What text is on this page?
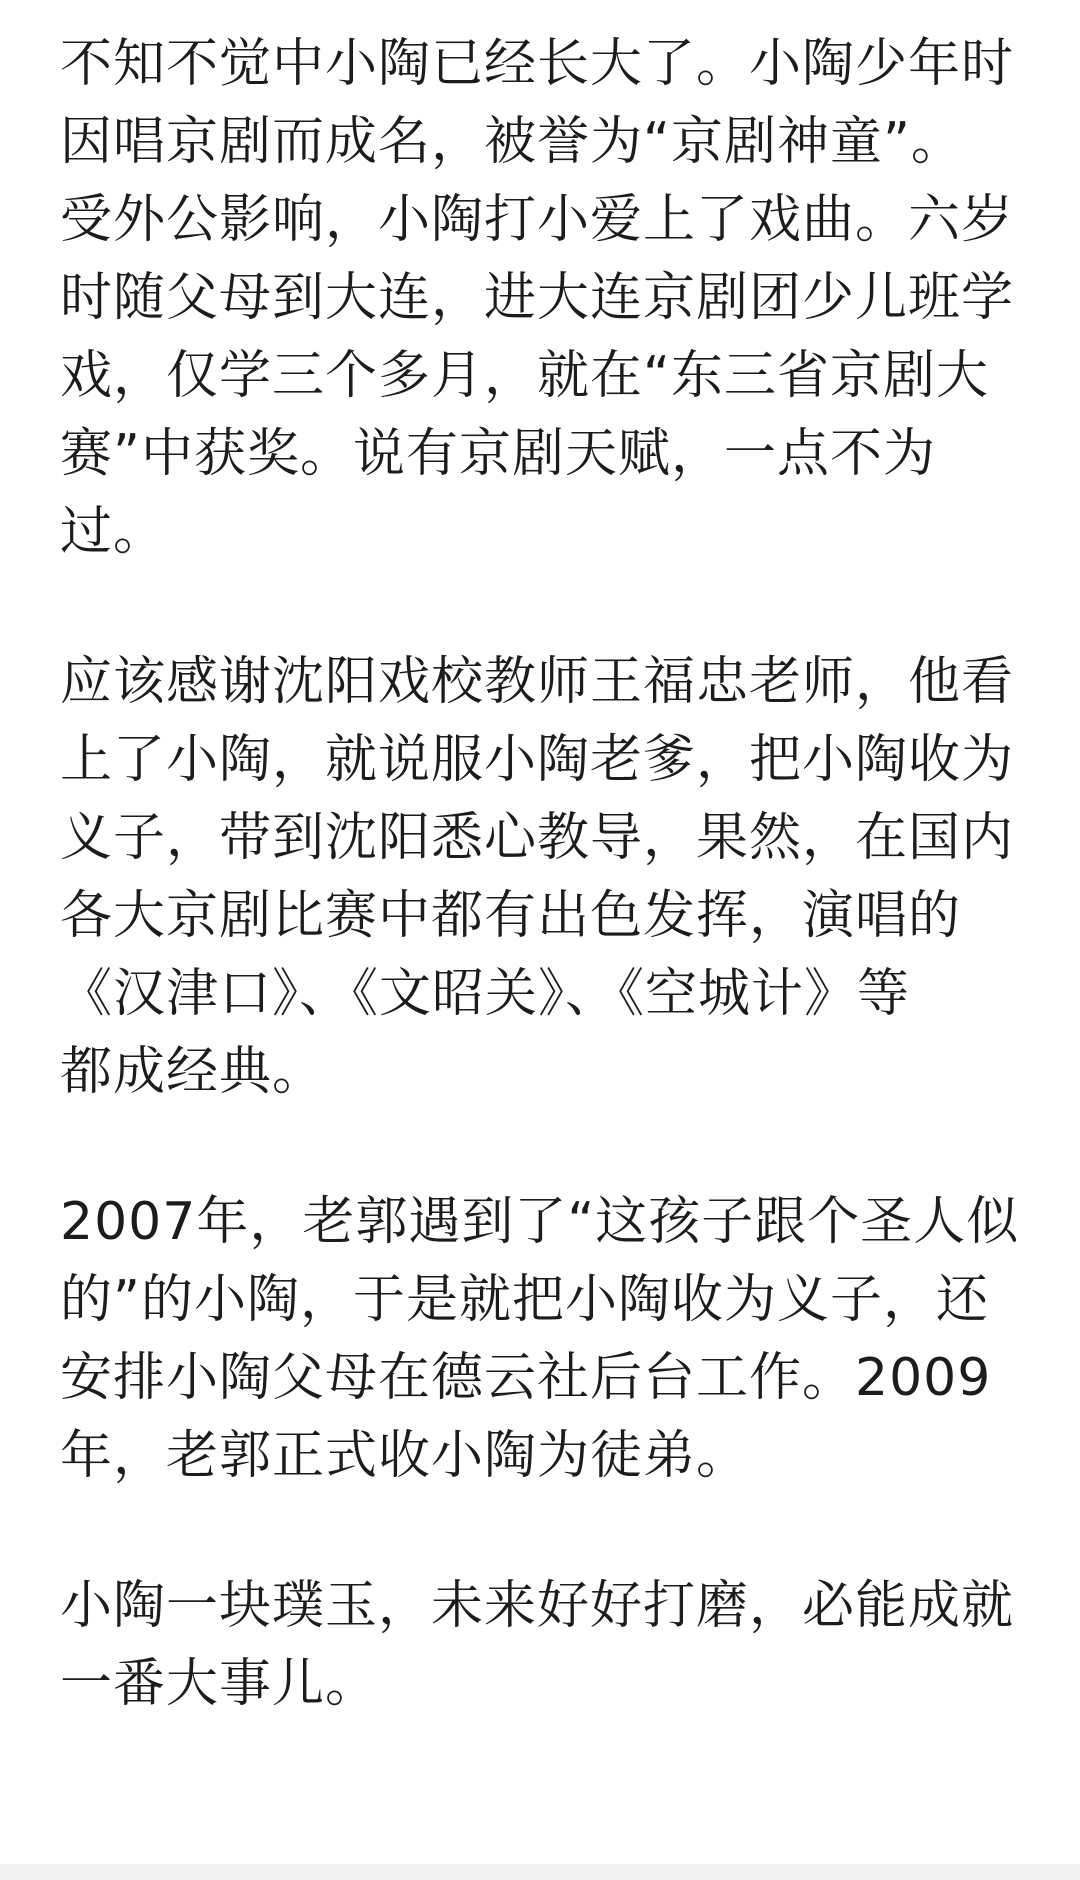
不知不觉中小陶已经长大了。小陶少年时
因唱京剧而成名，被誉为“京剧神童”。
受外公影响，小陶打小爱上了戏曲。六岁
时随父母到大连，进大连京剧团少儿班学
戏，仅学三个多月，就在“东三省京剧大
赛”中获奖。说有京剧天赋，一点不为
过。
应该感谢沈阳戏校教师王福忠老师，他看
上了小陶，就说服小陶老爹，把小陶收为
义子，带到沈阳悉心教导，果然，在国内
各大京剧比赛中都有出色发挥，演唱的
《汉津口》、《文昭关》、《空城计》等
都成经典。
2007年，老郭遇到了“这孩子跟个圣人似
的”的小陶，于是就把小陶收为义子，还
安排小陶父母在德云社后台工作。2009
年，老郭正式收小陶为徒弟。
小陶一块璞玉，未来好好打磨，必能成就
一番大事儿。
